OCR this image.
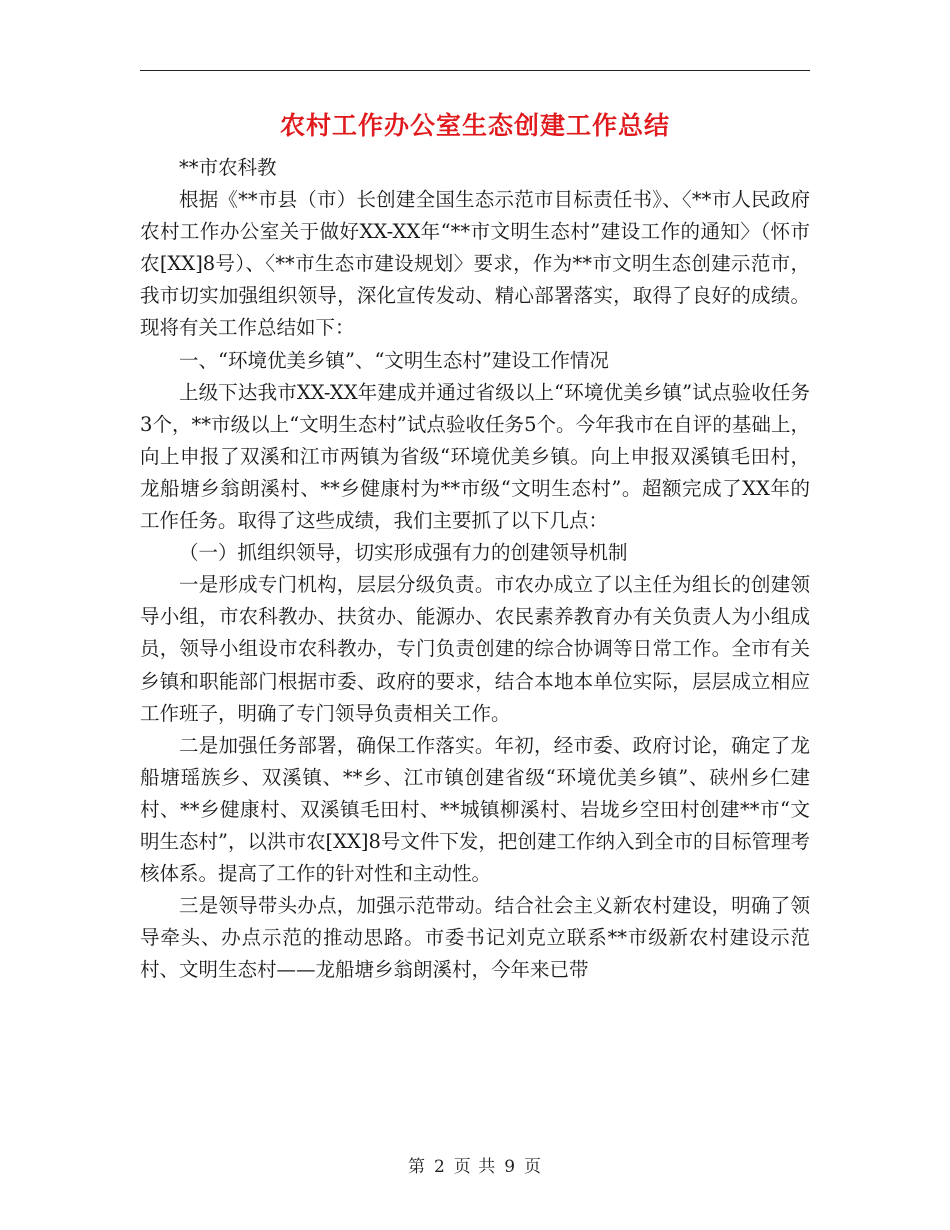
农村工作办公室生态创建工作总结

**市农科教

根据《**市县（市）长创建全国生态示范市目标责任书》、〈**市人民政府农村工作办公室关于做好XX-XX年“**市文明生态村”建设工作的通知〉（怀市农[XX]8号）、〈**市生态市建设规划〉要求，作为**市文明生态创建示范市，我市切实加强组织领导，深化宣传发动、精心部署落实，取得了良好的成绩。现将有关工作总结如下：

一、“环境优美乡镇”、“文明生态村”建设工作情况

上级下达我市XX-XX年建成并通过省级以上“环境优美乡镇”试点验收任务3个，**市级以上“文明生态村”试点验收任务5个。今年我市在自评的基础上，向上申报了双溪和江市两镇为省级“环境优美乡镇。向上申报双溪镇毛田村，龙船塘乡翁朗溪村、**乡健康村为**市级“文明生态村”。超额完成了XX年的工作任务。取得了这些成绩，我们主要抓了以下几点：

（一）抓组织领导，切实形成强有力的创建领导机制

一是形成专门机构，层层分级负责。市农办成立了以主任为组长的创建领导小组，市农科教办、扶贫办、能源办、农民素养教育办有关负责人为小组成员，领导小组设市农科教办，专门负责创建的综合协调等日常工作。全市有关乡镇和职能部门根据市委、政府的要求，结合本地本单位实际，层层成立相应工作班子，明确了专门领导负责相关工作。

二是加强任务部署，确保工作落实。年初，经市委、政府讨论，确定了龙船塘瑶族乡、双溪镇、**乡、江市镇创建省级“环境优美乡镇”、硖州乡仁建村、**乡健康村、双溪镇毛田村、**城镇柳溪村、岩垅乡空田村创建**市“文明生态村”，以洪市农[XX]8号文件下发，把创建工作纳入到全市的目标管理考核体系。提高了工作的针对性和主动性。

三是领导带头办点，加强示范带动。结合社会主义新农村建设，明确了领导牵头、办点示范的推动思路。市委书记刘克立联系**市级新农村建设示范村、文明生态村——龙船塘乡翁朗溪村，今年来已带

第 2 页 共 9 页
